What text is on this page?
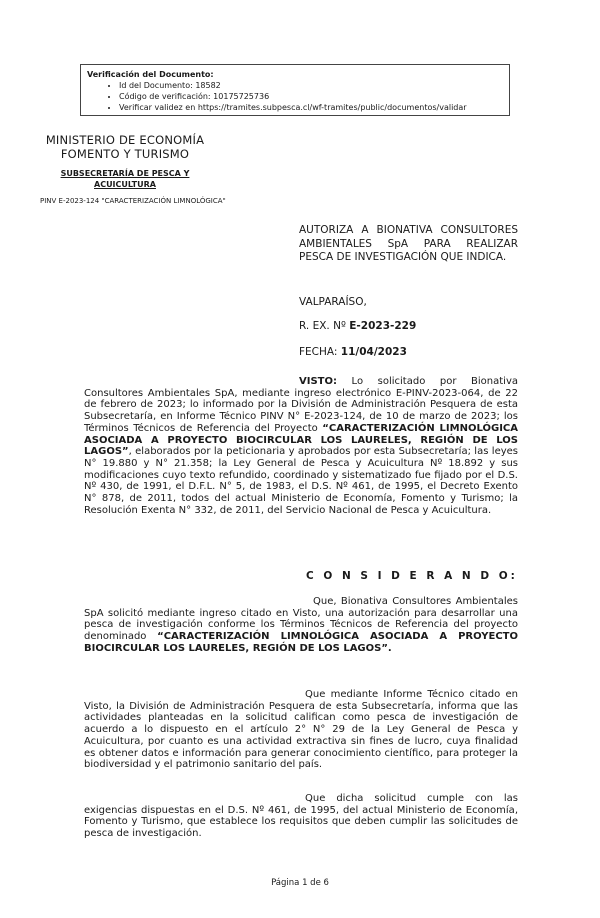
Verificación del Documento:
• Id del Documento: 18582
• Código de verificación: 10175725736
• Verificar validez en https://tramites.subpesca.cl/wf-tramites/public/documentos/validar
MINISTERIO DE ECONOMÍA
FOMENTO Y TURISMO
SUBSECRETARÍA DE PESCA Y ACUICULTURA
PINV E-2023-124 "CARACTERIZACIÓN LIMNOLÓGICA"
AUTORIZA A BIONATIVA CONSULTORES AMBIENTALES SpA PARA REALIZAR PESCA DE INVESTIGACIÓN QUE INDICA.
VALPARAÍSO,
R. EX. Nº E-2023-229
FECHA: 11/04/2023
VISTO: Lo solicitado por Bionativa Consultores Ambientales SpA, mediante ingreso electrónico E-PINV-2023-064, de 22 de febrero de 2023; lo informado por la División de Administración Pesquera de esta Subsecretaría, en Informe Técnico PINV N° E-2023-124, de 10 de marzo de 2023; los Términos Técnicos de Referencia del Proyecto “CARACTERIZACIÓN LIMNOLÓGICA ASOCIADA A PROYECTO BIOCIRCULAR LOS LAURELES, REGIÓN DE LOS LAGOS”, elaborados por la peticionaria y aprobados por esta Subsecretaría; las leyes N° 19.880 y N° 21.358; la Ley General de Pesca y Acuicultura Nº 18.892 y sus modificaciones cuyo texto refundido, coordinado y sistematizado fue fijado por el D.S. Nº 430, de 1991, el D.F.L. N° 5, de 1983, el D.S. Nº 461, de 1995, el Decreto Exento N° 878, de 2011, todos del actual Ministerio de Economía, Fomento y Turismo; la Resolución Exenta N° 332, de 2011, del Servicio Nacional de Pesca y Acuicultura.
C O N S I D E R A N D O:
Que, Bionativa Consultores Ambientales SpA solicitó mediante ingreso citado en Visto, una autorización para desarrollar una pesca de investigación conforme los Términos Técnicos de Referencia del proyecto denominado “CARACTERIZACIÓN LIMNOLÓGICA ASOCIADA A PROYECTO BIOCIRCULAR LOS LAURELES, REGIÓN DE LOS LAGOS”.
Que mediante Informe Técnico citado en Visto, la División de Administración Pesquera de esta Subsecretaría, informa que las actividades planteadas en la solicitud califican como pesca de investigación de acuerdo a lo dispuesto en el artículo 2° N° 29 de la Ley General de Pesca y Acuicultura, por cuanto es una actividad extractiva sin fines de lucro, cuya finalidad es obtener datos e información para generar conocimiento científico, para proteger la biodiversidad y el patrimonio sanitario del país.
Que dicha solicitud cumple con las exigencias dispuestas en el D.S. Nº 461, de 1995, del actual Ministerio de Economía, Fomento y Turismo, que establece los requisitos que deben cumplir las solicitudes de pesca de investigación.
Página 1 de 6
